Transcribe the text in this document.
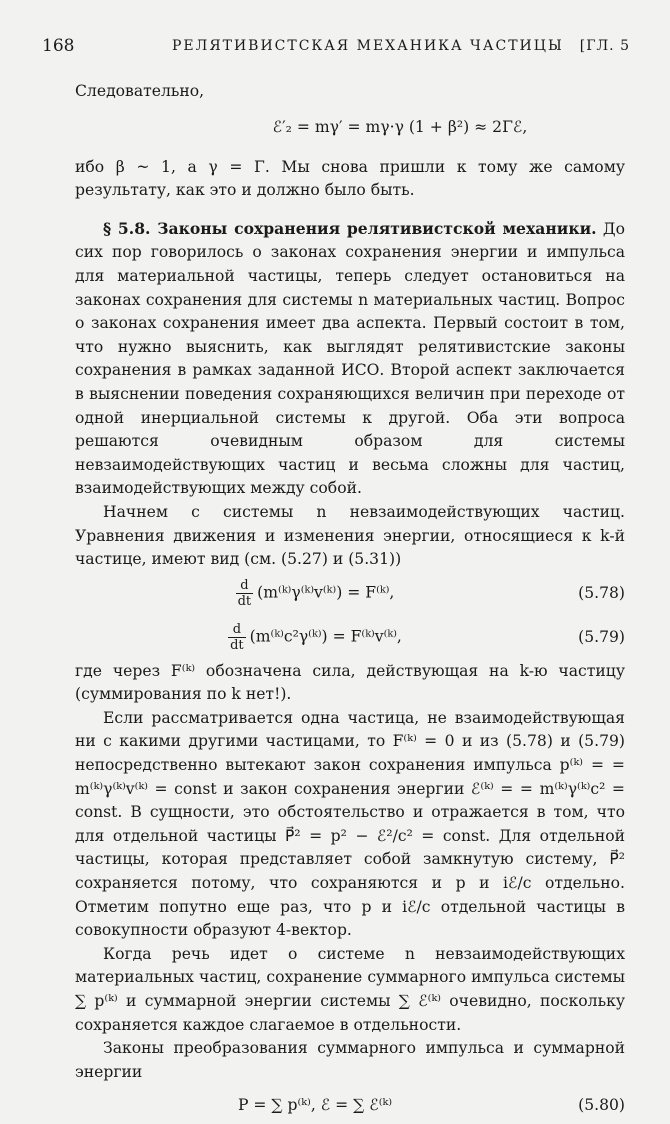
168	РЕЛЯТИВИСТСКАЯ МЕХАНИКА ЧАСТИЦЫ [ГЛ. 5

Следовательно,

ℰ′₂ = mγ′ = mγ·γ (1 + β²) ≈ 2Γℰ,

ибо β ~ 1, а γ = Γ. Мы снова пришли к тому же самому результату, как это и должно было быть.

§ 5.8. Законы сохранения релятивистской механики. До сих пор говорилось о законах сохранения энергии и импульса для материальной частицы, теперь следует остановиться на законах сохранения для системы n материальных частиц. Вопрос о законах сохранения имеет два аспекта. Первый состоит в том, что нужно выяснить, как выглядят релятивистские законы сохранения в рамках заданной ИСО. Второй аспект заключается в выяснении поведения сохраняющихся величин при переходе от одной инерциальной системы к другой. Оба эти вопроса решаются очевидным образом для системы невзаимодействующих частиц и весьма сложны для частиц, взаимодействующих между собой.

Начнем с системы n невзаимодействующих частиц. Уравнения движения и изменения энергии, относящиеся к k-й частице, имеют вид (см. (5.27) и (5.31))

$\frac{d}{dt}$ (m⁽ᵏ⁾γ⁽ᵏ⁾v⁽ᵏ⁾) = F⁽ᵏ⁾,	(5.78)
$\frac{d}{dt}$ (m⁽ᵏ⁾c²γ⁽ᵏ⁾) = F⁽ᵏ⁾v⁽ᵏ⁾,	(5.79)

где через F⁽ᵏ⁾ обозначена сила, действующая на k-ю частицу (суммирования по k нет!).

Если рассматривается одна частица, не взаимодействующая ни с какими другими частицами, то F⁽ᵏ⁾ = 0 и из (5.78) и (5.79) непосредственно вытекают закон сохранения импульса p⁽ᵏ⁾ = = m⁽ᵏ⁾γ⁽ᵏ⁾v⁽ᵏ⁾ = const и закон сохранения энергии ℰ⁽ᵏ⁾ = = m⁽ᵏ⁾γ⁽ᵏ⁾c² = const. В сущности, это обстоятельство и отражается в том, что для отдельной частицы P⃗² = p² − ℰ²/c² = const. Для отдельной частицы, которая представляет собой замкнутую систему, P⃗² сохраняется потому, что сохраняются и p и iℰ/c отдельно. Отметим попутно еще раз, что p и iℰ/c отдельной частицы в совокупности образуют 4-вектор.

Когда речь идет о системе n невзаимодействующих материальных частиц, сохранение суммарного импульса системы ∑ p⁽ᵏ⁾ и суммарной энергии системы ∑ ℰ⁽ᵏ⁾ очевидно, поскольку сохраняется каждое слагаемое в отдельности.

Законы преобразования суммарного импульса и суммарной энергии

P = ∑ p⁽ᵏ⁾, ℰ = ∑ ℰ⁽ᵏ⁾	(5.80)
